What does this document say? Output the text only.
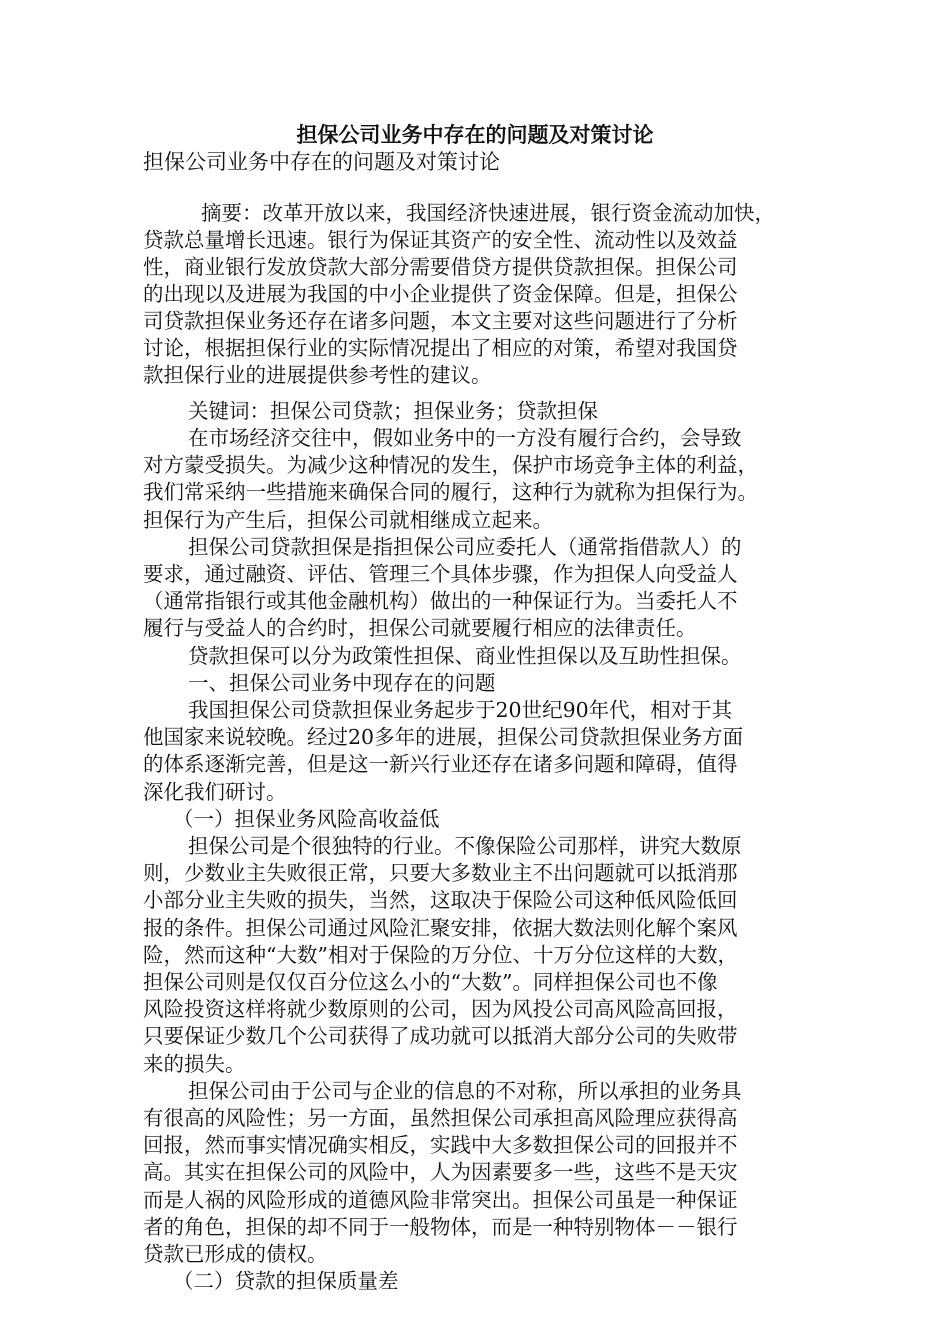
担保公司业务中存在的问题及对策讨论
担保公司业务中存在的问题及对策讨论
摘要：改革开放以来，我国经济快速进展，银行资金流动加快，
贷款总量增长迅速。银行为保证其资产的安全性、流动性以及效益
性，商业银行发放贷款大部分需要借贷方提供贷款担保。担保公司
的出现以及进展为我国的中小企业提供了资金保障。但是，担保公
司贷款担保业务还存在诸多问题，本文主要对这些问题进行了分析
讨论，根据担保行业的实际情况提出了相应的对策，希望对我国贷
款担保行业的进展提供参考性的建议。
关键词：担保公司贷款；担保业务；贷款担保
在市场经济交往中，假如业务中的一方没有履行合约，会导致
对方蒙受损失。为减少这种情况的发生，保护市场竞争主体的利益，
我们常采纳一些措施来确保合同的履行，这种行为就称为担保行为。
担保行为产生后，担保公司就相继成立起来。
担保公司贷款担保是指担保公司应委托人（通常指借款人）的
要求，通过融资、评估、管理三个具体步骤，作为担保人向受益人
（通常指银行或其他金融机构）做出的一种保证行为。当委托人不
履行与受益人的合约时，担保公司就要履行相应的法律责任。
贷款担保可以分为政策性担保、商业性担保以及互助性担保。
一、担保公司业务中现存在的问题
我国担保公司贷款担保业务起步于20世纪90年代，相对于其
他国家来说较晚。经过20多年的进展，担保公司贷款担保业务方面
的体系逐渐完善，但是这一新兴行业还存在诸多问题和障碍，值得
深化我们研讨。
（一）担保业务风险高收益低
担保公司是个很独特的行业。不像保险公司那样，讲究大数原
则，少数业主失败很正常，只要大多数业主不出问题就可以抵消那
小部分业主失败的损失，当然，这取决于保险公司这种低风险低回
报的条件。担保公司通过风险汇聚安排，依据大数法则化解个案风
险，然而这种“大数”相对于保险的万分位、十万分位这样的大数，
担保公司则是仅仅百分位这么小的“大数”。同样担保公司也不像
风险投资这样将就少数原则的公司，因为风投公司高风险高回报，
只要保证少数几个公司获得了成功就可以抵消大部分公司的失败带
来的损失。
担保公司由于公司与企业的信息的不对称，所以承担的业务具
有很高的风险性；另一方面，虽然担保公司承担高风险理应获得高
回报，然而事实情况确实相反，实践中大多数担保公司的回报并不
高。其实在担保公司的风险中，人为因素要多一些，这些不是天灾
而是人祸的风险形成的道德风险非常突出。担保公司虽是一种保证
者的角色，担保的却不同于一般物体，而是一种特别物体－－银行
贷款已形成的债权。
（二）贷款的担保质量差
